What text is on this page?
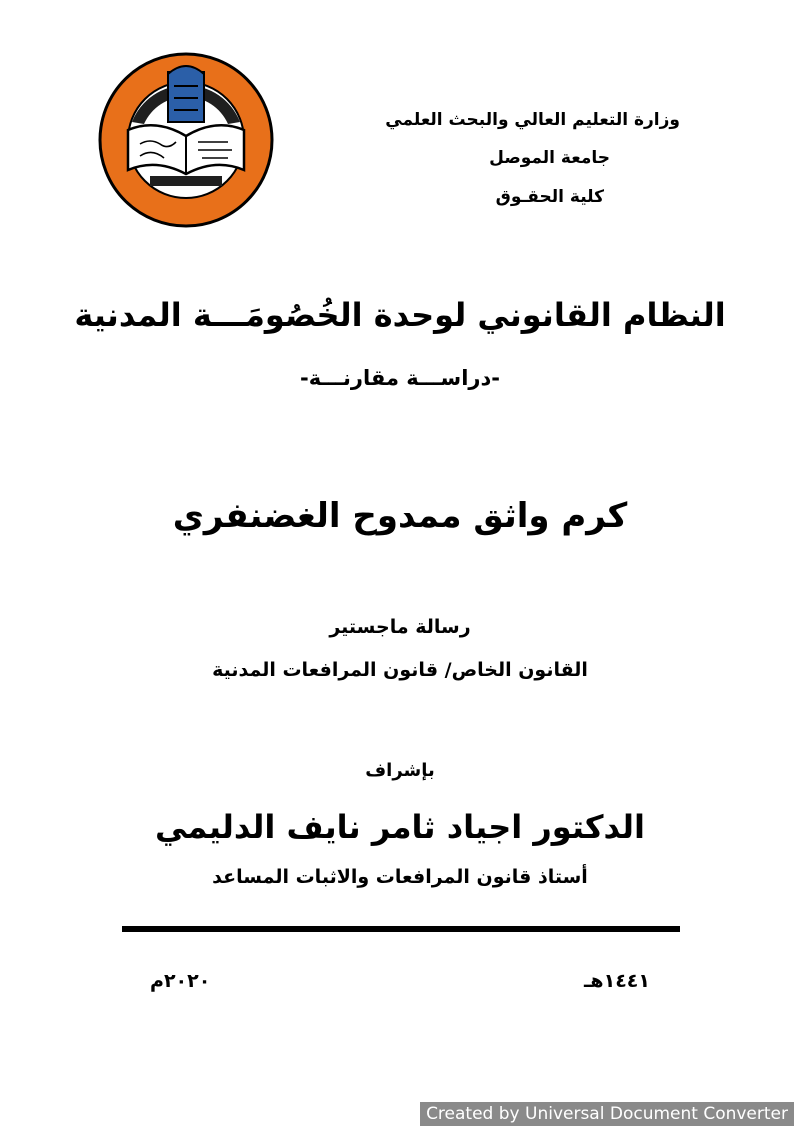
وزارة التعليم العالي والبحث العلمي
جامعة الموصل
كلية الحقـوق
النظام القانوني لوحدة الخُصُومَـــة المدنية
-دراســـة مقارنـــة-
كرم واثق ممدوح الغضنفري
رسالة ماجستير
القانون الخاص/ قانون المرافعات المدنية
بإشراف
الدكتور اجياد ثامر نايف الدليمي
أستاذ قانون المرافعات والاثبات المساعد
١٤٤١هـ
٢٠٢٠م
Created by Universal Document Converter
